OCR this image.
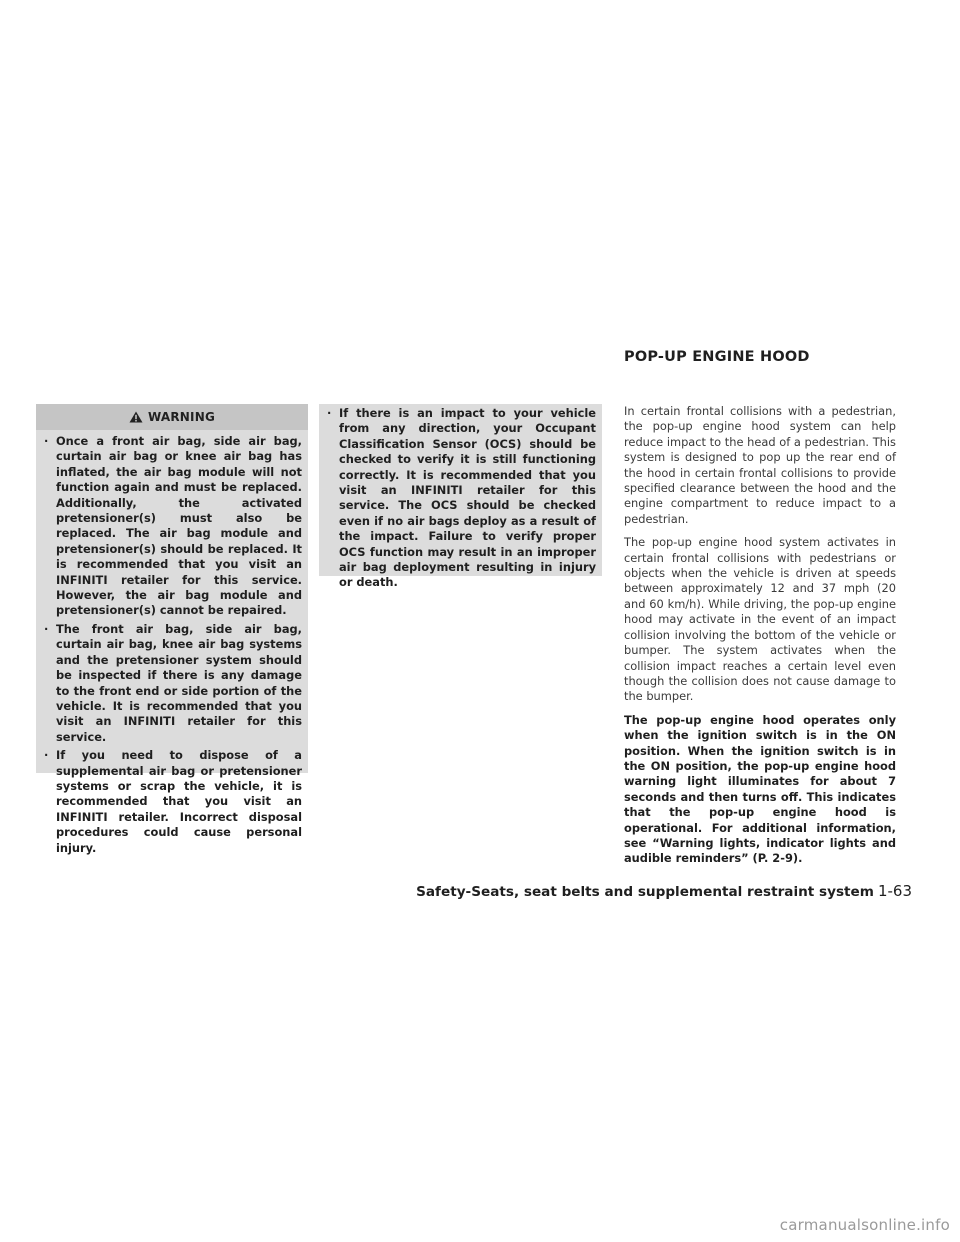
WARNING
· Once a front air bag, side air bag, curtain air bag or knee air bag has inflated, the air bag module will not function again and must be replaced. Additionally, the activated pretensioner(s) must also be replaced. The air bag module and pretensioner(s) should be replaced. It is recommended that you visit an INFINITI retailer for this service. However, the air bag module and pretensioner(s) cannot be repaired.
· The front air bag, side air bag, curtain air bag, knee air bag systems and the pretensioner system should be inspected if there is any damage to the front end or side portion of the vehicle. It is recommended that you visit an INFINITI retailer for this service.
· If you need to dispose of a supplemental air bag or pretensioner systems or scrap the vehicle, it is recommended that you visit an INFINITI retailer. Incorrect disposal procedures could cause personal injury.
· If there is an impact to your vehicle from any direction, your Occupant Classification Sensor (OCS) should be checked to verify it is still functioning correctly. It is recommended that you visit an INFINITI retailer for this service. The OCS should be checked even if no air bags deploy as a result of the impact. Failure to verify proper OCS function may result in an improper air bag deployment resulting in injury or death.
POP-UP ENGINE HOOD

In certain frontal collisions with a pedestrian, the pop-up engine hood system can help reduce impact to the head of a pedestrian. This system is designed to pop up the rear end of the hood in certain frontal collisions to provide specified clearance between the hood and the engine compartment to reduce impact to a pedestrian.

The pop-up engine hood system activates in certain frontal collisions with pedestrians or objects when the vehicle is driven at speeds between approximately 12 and 37 mph (20 and 60 km/h). While driving, the pop-up engine hood may activate in the event of an impact collision involving the bottom of the vehicle or bumper. The system activates when the collision impact reaches a certain level even though the collision does not cause damage to the bumper.

The pop-up engine hood operates only when the ignition switch is in the ON position. When the ignition switch is in the ON position, the pop-up engine hood warning light illuminates for about 7 seconds and then turns off. This indicates that the pop-up engine hood is operational. For additional information, see “Warning lights, indicator lights and audible reminders” (P. 2-9).

Safety-Seats, seat belts and supplemental restraint system 1-63
carmanualsonline.info
